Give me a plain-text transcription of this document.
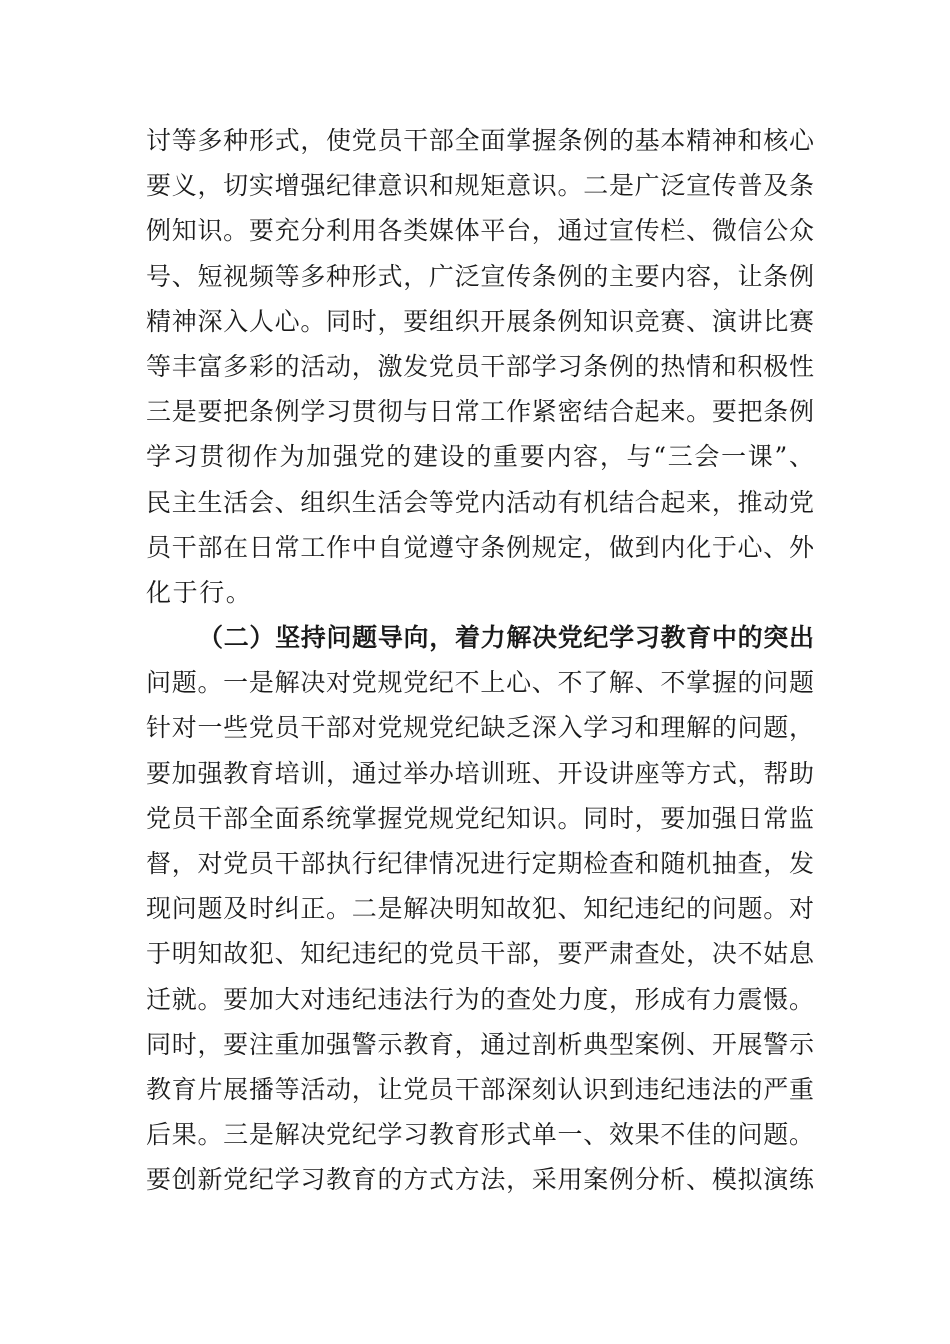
讨等多种形式，使党员干部全面掌握条例的基本精神和核心
要义，切实增强纪律意识和规矩意识。二是广泛宣传普及条
例知识。要充分利用各类媒体平台，通过宣传栏、微信公众
号、短视频等多种形式，广泛宣传条例的主要内容，让条例
精神深入人心。同时，要组织开展条例知识竞赛、演讲比赛
等丰富多彩的活动，激发党员干部学习条例的热情和积极性
三是要把条例学习贯彻与日常工作紧密结合起来。要把条例
学习贯彻作为加强党的建设的重要内容，与“三会一课”、
民主生活会、组织生活会等党内活动有机结合起来，推动党
员干部在日常工作中自觉遵守条例规定，做到内化于心、外
化于行。
（二）坚持问题导向，着力解决党纪学习教育中的突出
问题。一是解决对党规党纪不上心、不了解、不掌握的问题
针对一些党员干部对党规党纪缺乏深入学习和理解的问题，
要加强教育培训，通过举办培训班、开设讲座等方式，帮助
党员干部全面系统掌握党规党纪知识。同时，要加强日常监
督，对党员干部执行纪律情况进行定期检查和随机抽查，发
现问题及时纠正。二是解决明知故犯、知纪违纪的问题。对
于明知故犯、知纪违纪的党员干部，要严肃查处，决不姑息
迁就。要加大对违纪违法行为的查处力度，形成有力震慑。
同时，要注重加强警示教育，通过剖析典型案例、开展警示
教育片展播等活动，让党员干部深刻认识到违纪违法的严重
后果。三是解决党纪学习教育形式单一、效果不佳的问题。
要创新党纪学习教育的方式方法，采用案例分析、模拟演练
